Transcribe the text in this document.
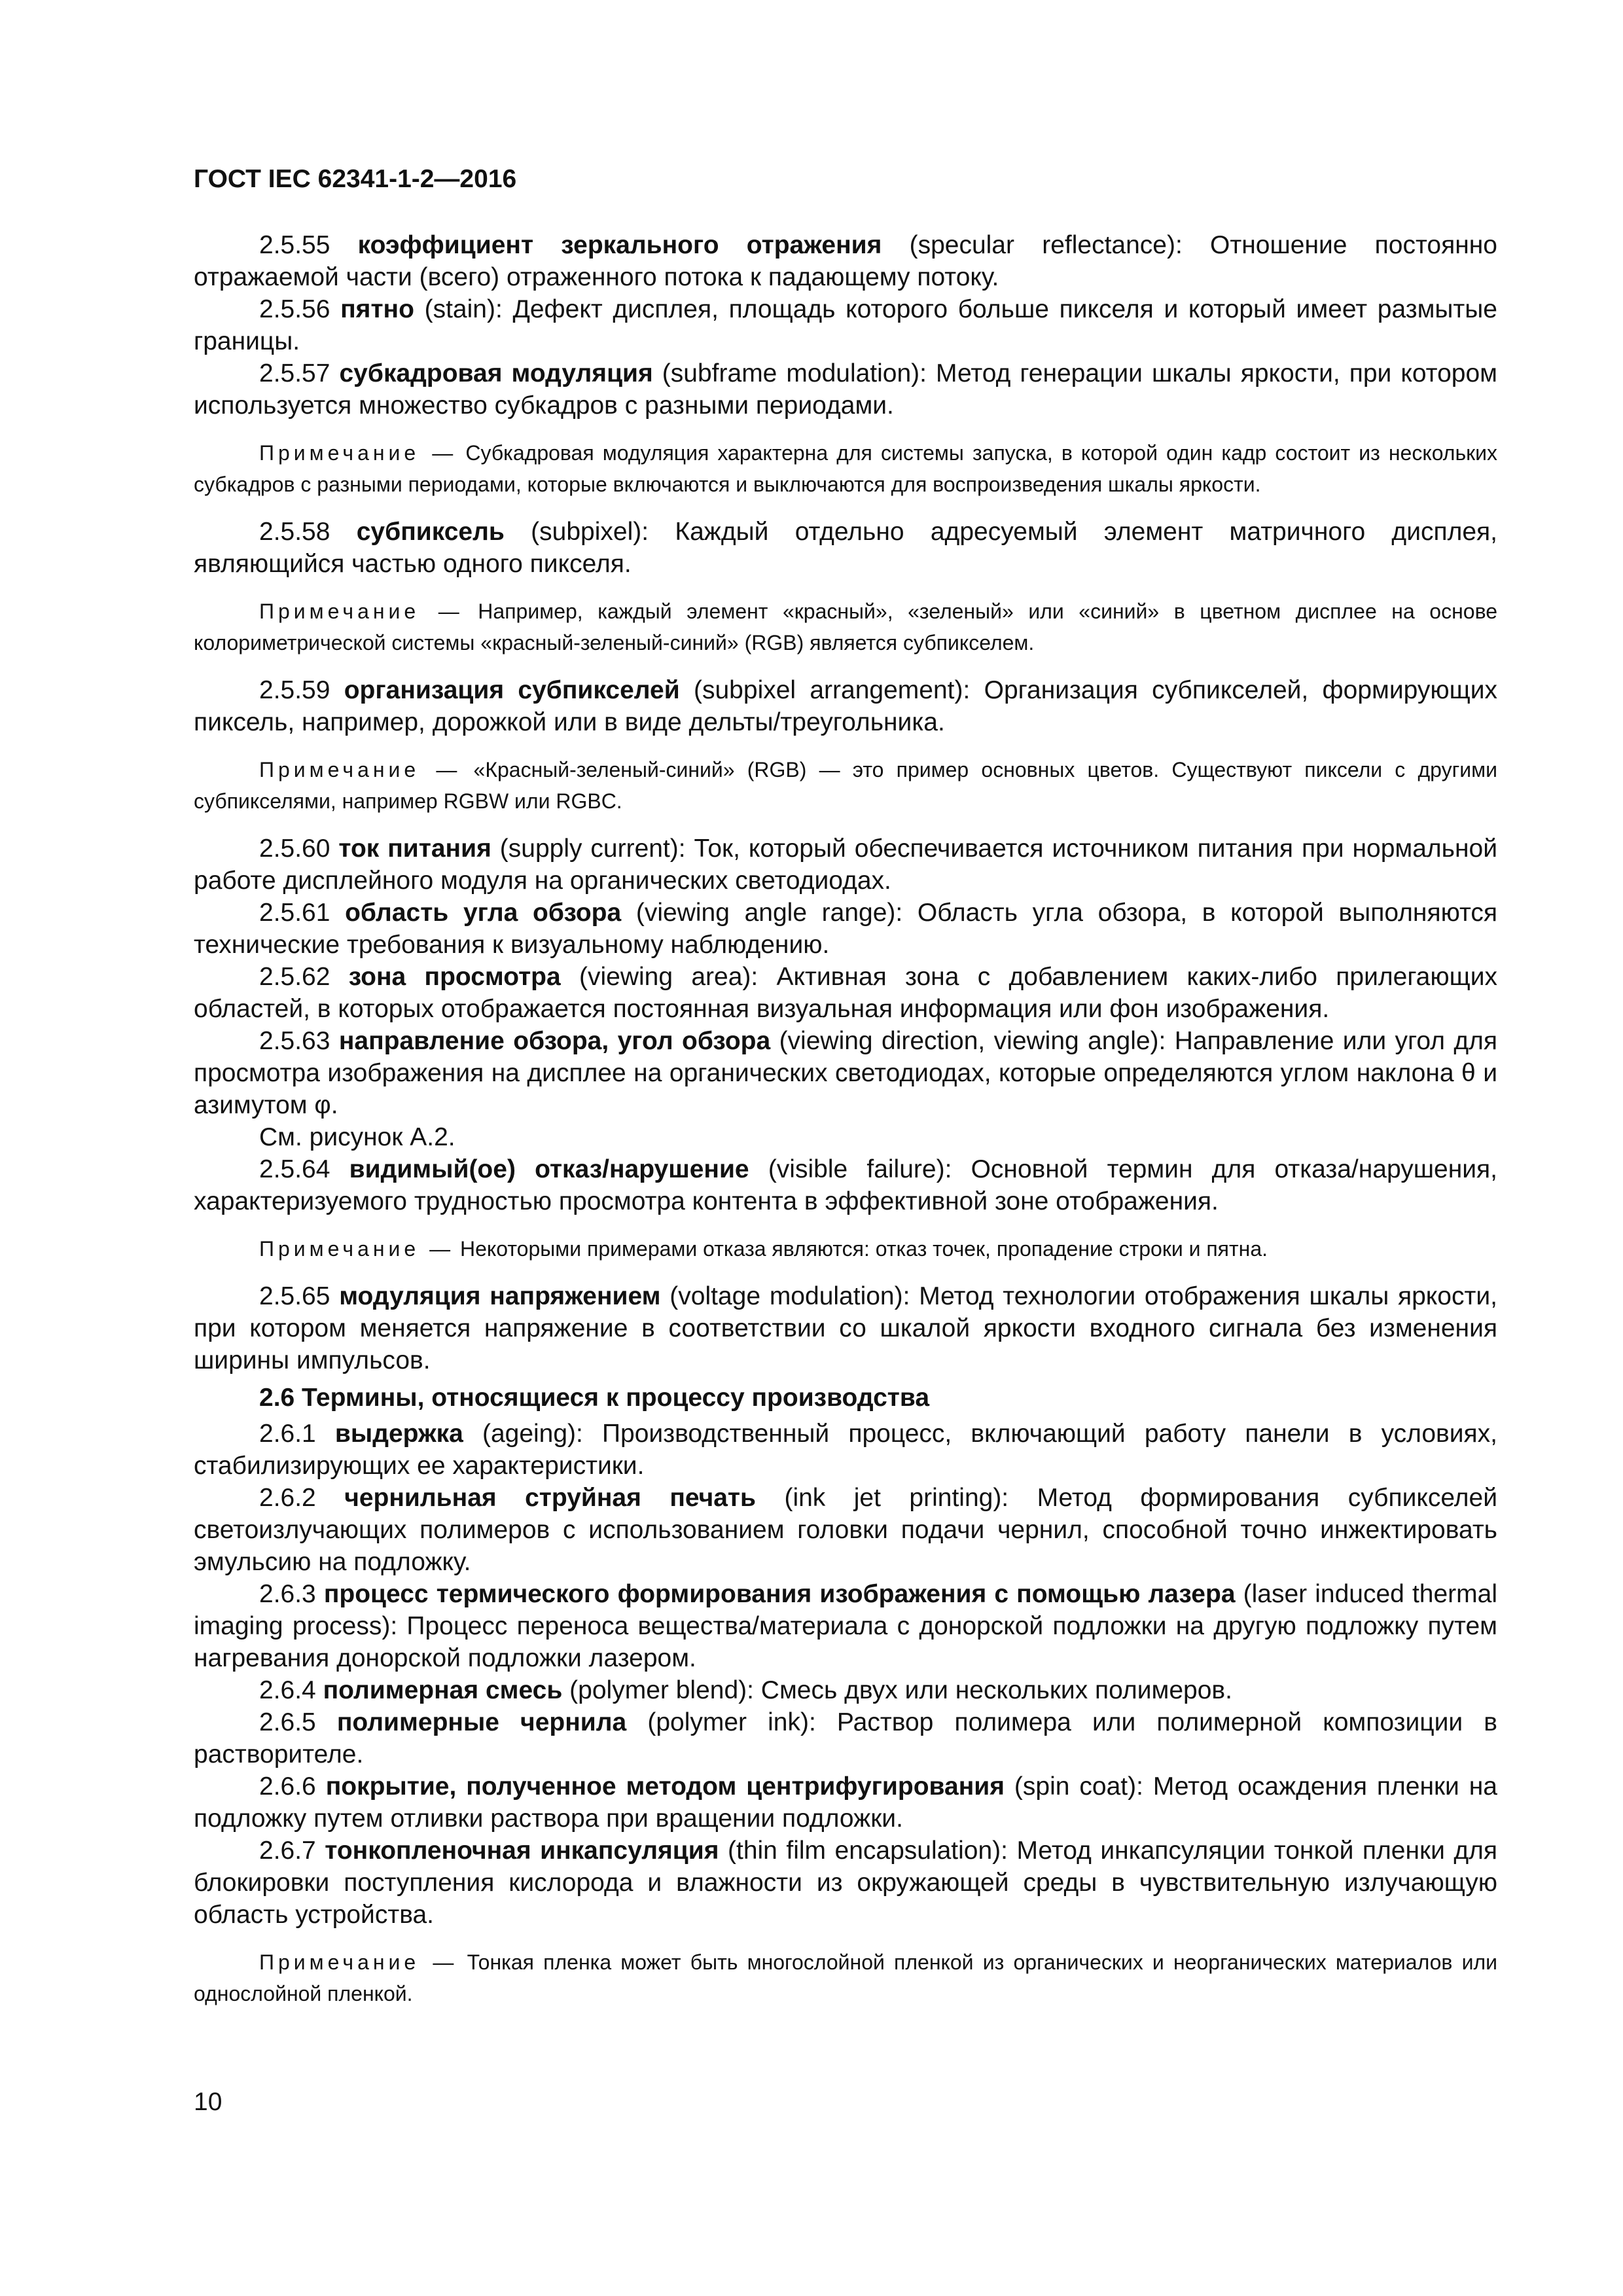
ГОСТ IEC 62341-1-2—2016

2.5.55 коэффициент зеркального отражения (specular reflectance): Отношение постоянно отражаемой части (всего) отраженного потока к падающему потоку.

2.5.56 пятно (stain): Дефект дисплея, площадь которого больше пикселя и который имеет размытые границы.

2.5.57 субкадровая модуляция (subframe modulation): Метод генерации шкалы яркости, при котором используется множество субкадров с разными периодами.

Примечание — Субкадровая модуляция характерна для системы запуска, в которой один кадр состоит из нескольких субкадров с разными периодами, которые включаются и выключаются для воспроизведения шкалы яркости.

2.5.58 субпиксель (subpixel): Каждый отдельно адресуемый элемент матричного дисплея, являющийся частью одного пикселя.

Примечание — Например, каждый элемент «красный», «зеленый» или «синий» в цветном дисплее на основе колориметрической системы «красный-зеленый-синий» (RGB) является субпикселем.

2.5.59 организация субпикселей (subpixel arrangement): Организация субпикселей, формирующих пиксель, например, дорожкой или в виде дельты/треугольника.

Примечание — «Красный-зеленый-синий» (RGB) — это пример основных цветов. Существуют пиксели с другими субпикселями, например RGBW или RGBC.

2.5.60 ток питания (supply current): Ток, который обеспечивается источником питания при нормальной работе дисплейного модуля на органических светодиодах.

2.5.61 область угла обзора (viewing angle range): Область угла обзора, в которой выполняются технические требования к визуальному наблюдению.

2.5.62 зона просмотра (viewing area): Активная зона с добавлением каких-либо прилегающих областей, в которых отображается постоянная визуальная информация или фон изображения.

2.5.63 направление обзора, угол обзора (viewing direction, viewing angle): Направление или угол для просмотра изображения на дисплее на органических светодиодах, которые определяются углом наклона θ и азимутом φ.

См. рисунок А.2.

2.5.64 видимый(ое) отказ/нарушение (visible failure): Основной термин для отказа/нарушения, характеризуемого трудностью просмотра контента в эффективной зоне отображения.

Примечание — Некоторыми примерами отказа являются: отказ точек, пропадение строки и пятна.

2.5.65 модуляция напряжением (voltage modulation): Метод технологии отображения шкалы яркости, при котором меняется напряжение в соответствии со шкалой яркости входного сигнала без изменения ширины импульсов.

2.6 Термины, относящиеся к процессу производства

2.6.1 выдержка (ageing): Производственный процесс, включающий работу панели в условиях, стабилизирующих ее характеристики.

2.6.2 чернильная струйная печать (ink jet printing): Метод формирования субпикселей светоизлучающих полимеров с использованием головки подачи чернил, способной точно инжектировать эмульсию на подложку.

2.6.3 процесс термического формирования изображения с помощью лазера (laser induced thermal imaging process): Процесс переноса вещества/материала с донорской подложки на другую подложку путем нагревания донорской подложки лазером.

2.6.4 полимерная смесь (polymer blend): Смесь двух или нескольких полимеров.

2.6.5 полимерные чернила (polymer ink): Раствор полимера или полимерной композиции в растворителе.

2.6.6 покрытие, полученное методом центрифугирования (spin coat): Метод осаждения пленки на подложку путем отливки раствора при вращении подложки.

2.6.7 тонкопленочная инкапсуляция (thin film encapsulation): Метод инкапсуляции тонкой пленки для блокировки поступления кислорода и влажности из окружающей среды в чувствительную излучающую область устройства.

Примечание — Тонкая пленка может быть многослойной пленкой из органических и неорганических материалов или однослойной пленкой.

10
